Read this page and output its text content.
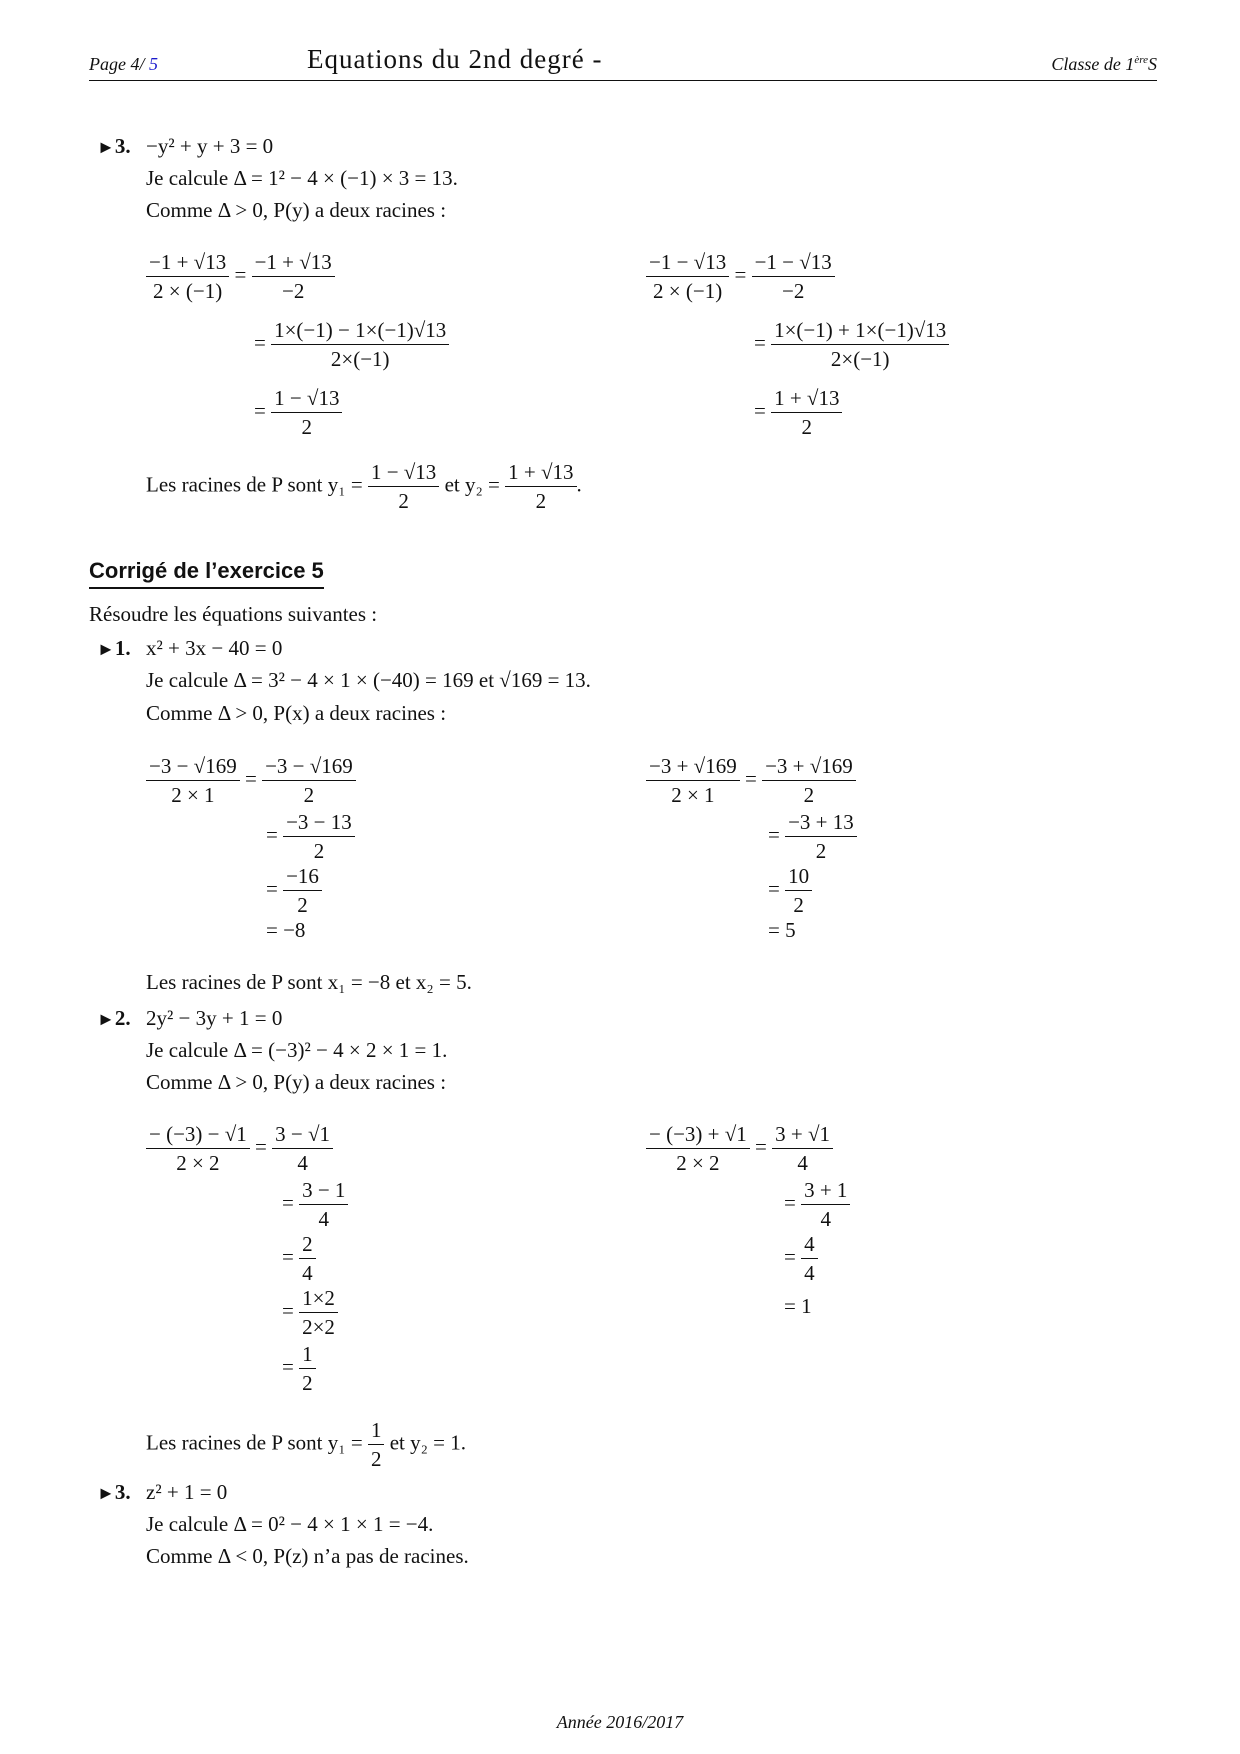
Page 4/ 5	Equations du 2nd degré -	Classe de 1èreS
►3. −y² + y + 3 = 0
Je calcule Δ = 1² − 4 × (−1) × 3 = 13.
Comme Δ > 0, P(y) a deux racines :
$\frac{-1 + √13}{2 \times (-1)} = \frac{-1 + √13}{-2}$
= $\frac{1\times(-1) - 1\times(-1)√13}{2\times(-1)}$
= $\frac{1 - √13}{2}$
$\frac{-1 - √13}{2 \times (-1)} = \frac{-1 - √13}{-2}$
= $\frac{1\times(-1) + 1\times(-1)√13}{2\times(-1)}$
= $\frac{1 + √13}{2}$
Les racines de P sont $y_1 = \frac{1 - √13}{2}$ et $y_2 = \frac{1 + √13}{2}$ .
Corrigé de l’exercice 5
Résoudre les équations suivantes :
►1. x² + 3x − 40 = 0
Je calcule Δ = 3² − 4 × 1 × (−40) = 169 et √169 = 13.
Comme Δ > 0, P(x) a deux racines :
$\frac{-3 - √169}{2 \times 1} = \frac{-3 - √169}{2}$
= $\frac{-3 - 13}{2}$
= $\frac{-16}{2}$
= −8
$\frac{-3 + √169}{2 \times 1} = \frac{-3 + √169}{2}$
= $\frac{-3 + 13}{2}$
= $\frac{10}{2}$
= 5
Les racines de P sont x₁ = −8 et x₂ = 5.
►2. 2y² − 3y + 1 = 0
Je calcule Δ = (−3)² − 4 × 2 × 1 = 1.
Comme Δ > 0, P(y) a deux racines :
$\frac{- (-3) - √1}{2 \times 2} = \frac{3 - √1}{4}$
= $\frac{3 - 1}{4}$
= $\frac{2}{4}$
= $\frac{1\times 2}{2\times 2}$
= $\frac{1}{2}$
$\frac{- (-3) + √1}{2 \times 2} = \frac{3 + √1}{4}$
= $\frac{3 + 1}{4}$
= $\frac{4}{4}$
= 1
Les racines de P sont $y_1 = \frac{1}{2}$ et y₂ = 1.
►3. z² + 1 = 0
Je calcule Δ = 0² − 4 × 1 × 1 = −4.
Comme Δ < 0, P(z) n’a pas de racines.
Année 2016/2017
